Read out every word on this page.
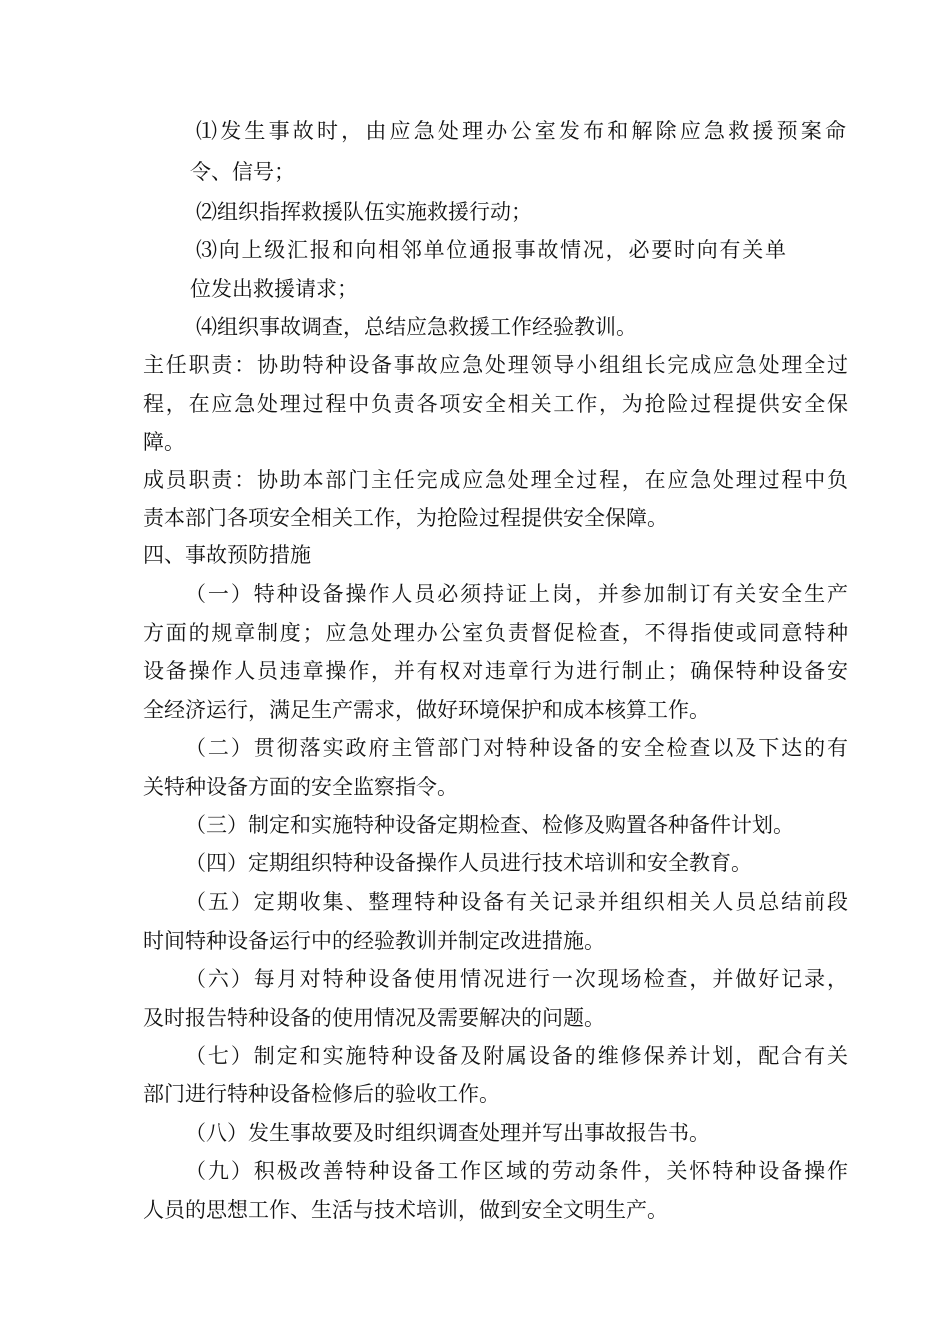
⑴发生事故时，由应急处理办公室发布和解除应急救援预案命
令、信号；
⑵组织指挥救援队伍实施救援行动；
⑶向上级汇报和向相邻单位通报事故情况，必要时向有关单
位发出救援请求；
⑷组织事故调查，总结应急救援工作经验教训。
主任职责：协助特种设备事故应急处理领导小组组长完成应急处理全过
程，在应急处理过程中负责各项安全相关工作，为抢险过程提供安全保
障。
成员职责：协助本部门主任完成应急处理全过程，在应急处理过程中负
责本部门各项安全相关工作，为抢险过程提供安全保障。
四、事故预防措施
（一）特种设备操作人员必须持证上岗，并参加制订有关安全生产
方面的规章制度；应急处理办公室负责督促检查，不得指使或同意特种
设备操作人员违章操作，并有权对违章行为进行制止；确保特种设备安
全经济运行，满足生产需求，做好环境保护和成本核算工作。
（二）贯彻落实政府主管部门对特种设备的安全检查以及下达的有
关特种设备方面的安全监察指令。
（三）制定和实施特种设备定期检查、检修及购置各种备件计划。
（四）定期组织特种设备操作人员进行技术培训和安全教育。
（五）定期收集、整理特种设备有关记录并组织相关人员总结前段
时间特种设备运行中的经验教训并制定改进措施。
（六）每月对特种设备使用情况进行一次现场检查，并做好记录，
及时报告特种设备的使用情况及需要解决的问题。
（七）制定和实施特种设备及附属设备的维修保养计划，配合有关
部门进行特种设备检修后的验收工作。
（八）发生事故要及时组织调查处理并写出事故报告书。
（九）积极改善特种设备工作区域的劳动条件，关怀特种设备操作
人员的思想工作、生活与技术培训，做到安全文明生产。
